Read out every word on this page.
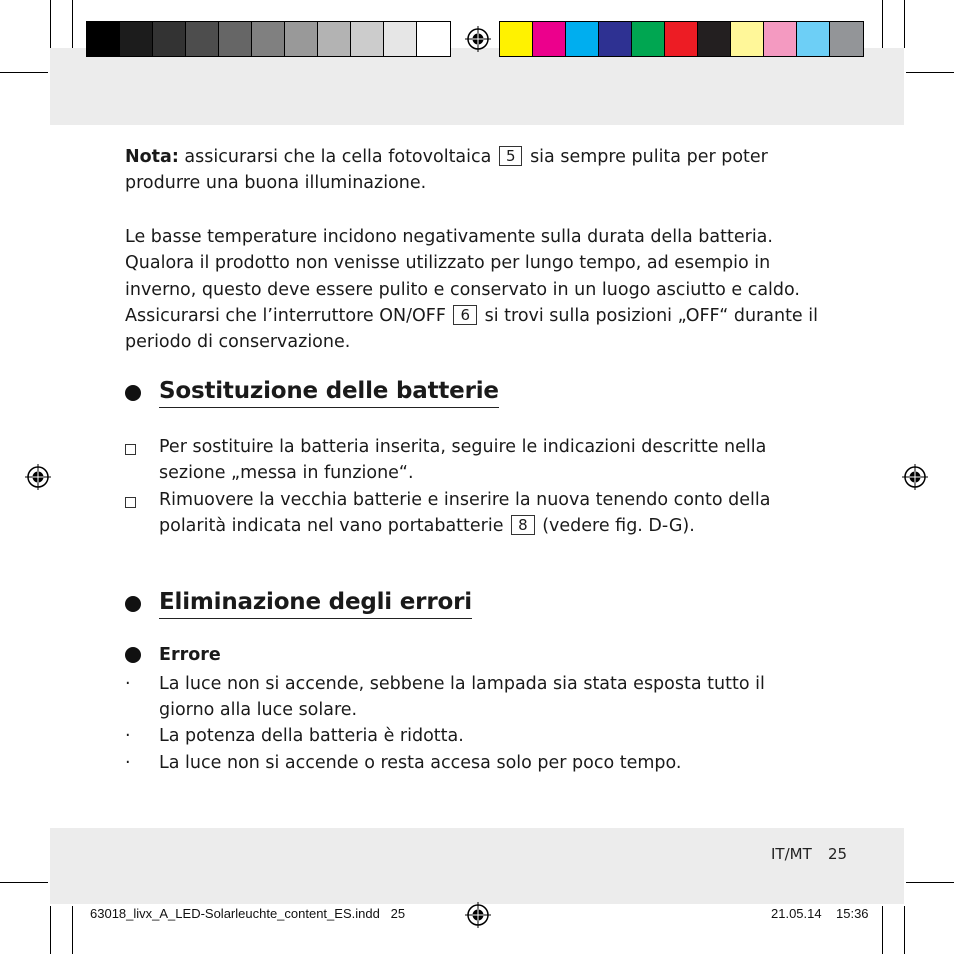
Nota: assicurarsi che la cella fotovoltaica 5 sia sempre pulita per poter produrre una buona illuminazione.
Le basse temperature incidono negativamente sulla durata della batteria. Qualora il prodotto non venisse utilizzato per lungo tempo, ad esempio in inverno, questo deve essere pulito e conservato in un luogo asciutto e caldo. Assicurarsi che l’interruttore ON/OFF 6 si trovi sulla posizioni „OFF“ durante il periodo di conservazione.
Sostituzione delle batterie
Per sostituire la batteria inserita, seguire le indicazioni descritte nella sezione „messa in funzione“.
Rimuovere la vecchia batterie e inserire la nuova tenendo conto della polarità indicata nel vano portabatterie 8 (vedere fig. D-G).
Eliminazione degli errori
Errore
· La luce non si accende, sebbene la lampada sia stata esposta tutto il giorno alla luce solare.
· La potenza della batteria è ridotta.
· La luce non si accende o resta accesa solo per poco tempo.
IT/MT 25
63018_livx_A_LED-Solarleuchte_content_ES.indd   25	21.05.14 15:36
